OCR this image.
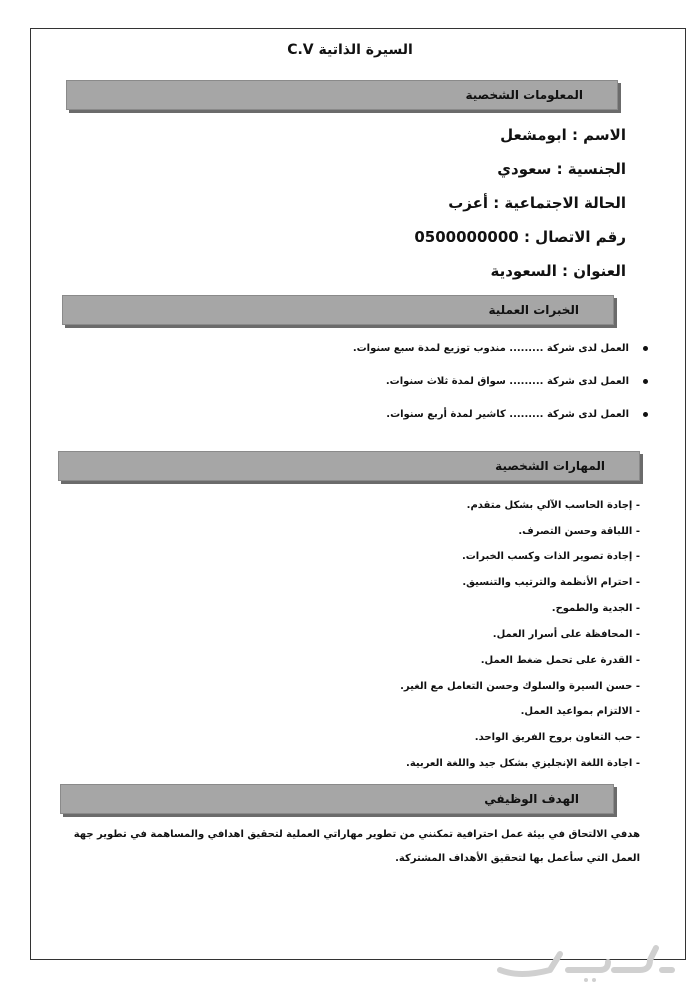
السيرة الذاتية C.V
المعلومات الشخصية
الاسم : ابومشعل
الجنسية : سعودي
الحالة الاجتماعية : أعزب
رقم الاتصال : 0500000000
العنوان : السعودية
الخبرات العملية
العمل لدى شركة ......... مندوب توزيع لمدة سبع سنوات.
العمل لدى شركة ......... سواق لمدة ثلاث سنوات.
العمل لدى شركة ......... كاشير لمدة أربع سنوات.
المهارات الشخصية
- إجادة الحاسب الآلي بشكل متقدم.
- اللباقة وحسن التصرف.
- إجادة تصوير الذات وكسب الخبرات.
- احترام الأنظمة والترتيب والتنسيق.
- الجدية والطموح.
- المحافظة على أسرار العمل.
- القدرة على تحمل ضغط العمل.
- حسن السيرة والسلوك وحسن التعامل مع الغير.
- الالتزام بمواعيد العمل.
- حب التعاون بروح الفريق الواحد.
- اجادة اللغة الإنجليزي بشكل جيد واللغة العربية.
الهدف الوظيفي
هدفي الالتحاق في بيئة عمل احترافية تمكنني من تطوير مهاراتي العملية لتحقيق اهدافي والمساهمة في تطوير جهة العمل التي سأعمل بها لتحقيق الأهداف المشتركة.
